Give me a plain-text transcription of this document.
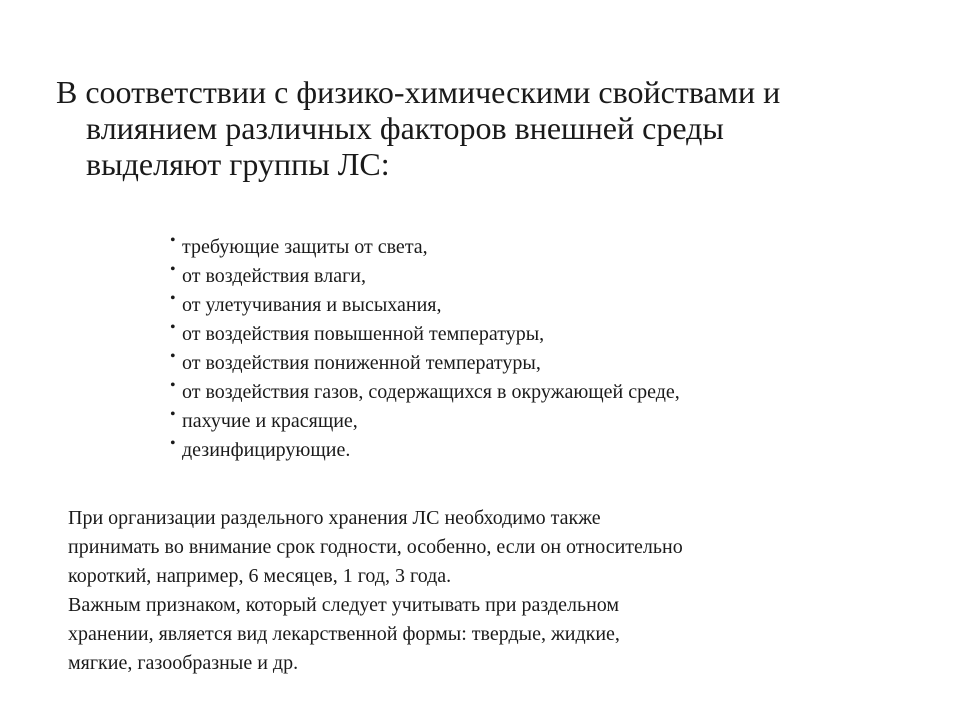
В соответствии с физико-химическими свойствами и
влиянием различных факторов внешней среды
выделяют группы ЛС:
• требующие защиты от света,
• от воздействия влаги,
• от улетучивания и высыхания,
• от воздействия повышенной температуры,
• от воздействия пониженной температуры,
• от воздействия газов, содержащихся в окружающей среде,
• пахучие и красящие,
• дезинфицирующие.
При организации раздельного хранения ЛС необходимо также
принимать во внимание срок годности, особенно, если он относительно
короткий, например, 6 месяцев, 1 год, 3 года.
Важным признаком, который следует учитывать при раздельном
хранении, является вид лекарственной формы: твердые, жидкие,
мягкие, газообразные и др.
